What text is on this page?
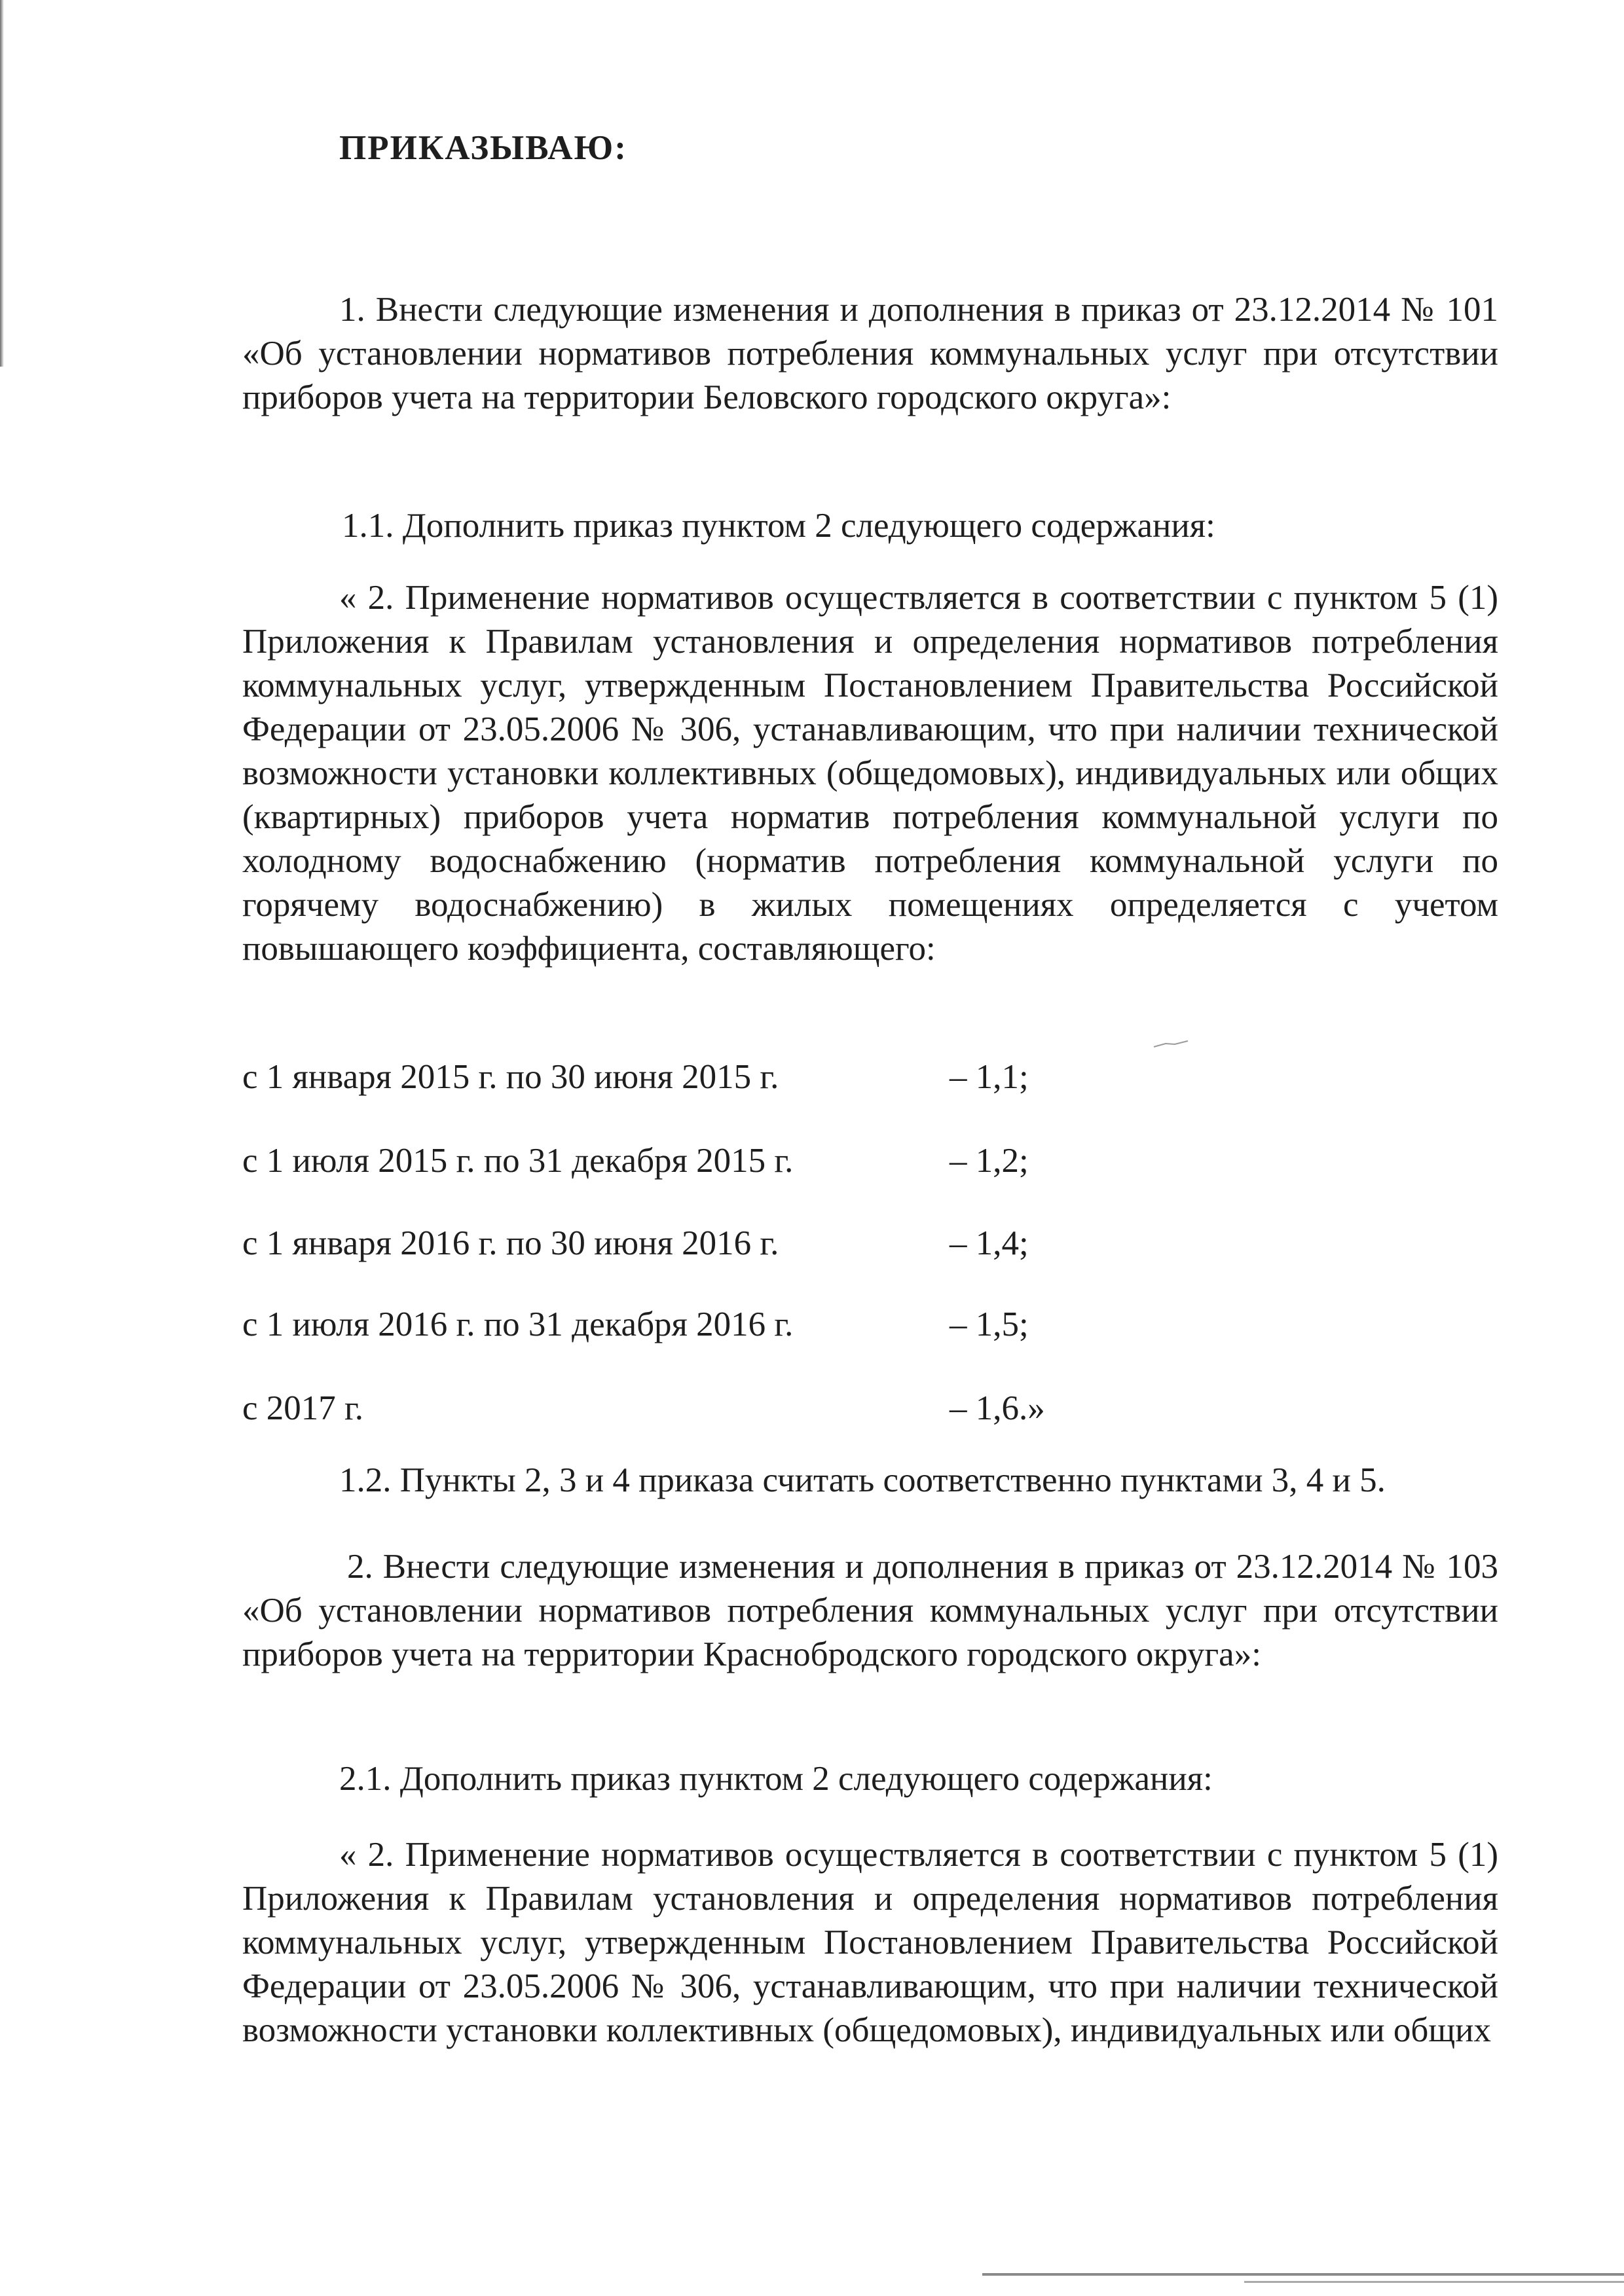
ПРИКАЗЫВАЮ:

1. Внести следующие изменения и дополнения в приказ от 23.12.2014 № 101 «Об установлении нормативов потребления коммунальных услуг при отсутствии приборов учета на территории Беловского городского округа»:

1.1. Дополнить приказ пунктом 2 следующего содержания:

« 2. Применение нормативов осуществляется в соответствии с пунктом 5 (1) Приложения к Правилам установления и определения нормативов потребления коммунальных услуг, утвержденным Постановлением Правительства Российской Федерации от 23.05.2006 № 306, устанавливающим, что при наличии технической возможности установки коллективных (общедомовых), индивидуальных или общих (квартирных) приборов учета норматив потребления коммунальной услуги по холодному водоснабжению (норматив потребления коммунальной услуги по горячему водоснабжению) в жилых помещениях определяется с учетом повышающего коэффициента, составляющего:

с 1 января 2015 г. по 30 июня 2015 г.	– 1,1;
с 1 июля 2015 г. по 31 декабря 2015 г.	– 1,2;
с 1 января 2016 г. по 30 июня 2016 г.	– 1,4;
с 1 июля 2016 г. по 31 декабря 2016 г.	– 1,5;
с 2017 г.	– 1,6.»

1.2. Пункты 2, 3 и 4 приказа считать соответственно пунктами 3, 4 и 5.

2. Внести следующие изменения и дополнения в приказ от 23.12.2014 № 103 «Об установлении нормативов потребления коммунальных услуг при отсутствии приборов учета на территории Краснобродского городского округа»:

2.1. Дополнить приказ пунктом 2 следующего содержания:

« 2. Применение нормативов осуществляется в соответствии с пунктом 5 (1) Приложения к Правилам установления и определения нормативов потребления коммунальных услуг, утвержденным Постановлением Правительства Российской Федерации от 23.05.2006 № 306, устанавливающим, что при наличии технической возможности установки коллективных (общедомовых), индивидуальных или общих
